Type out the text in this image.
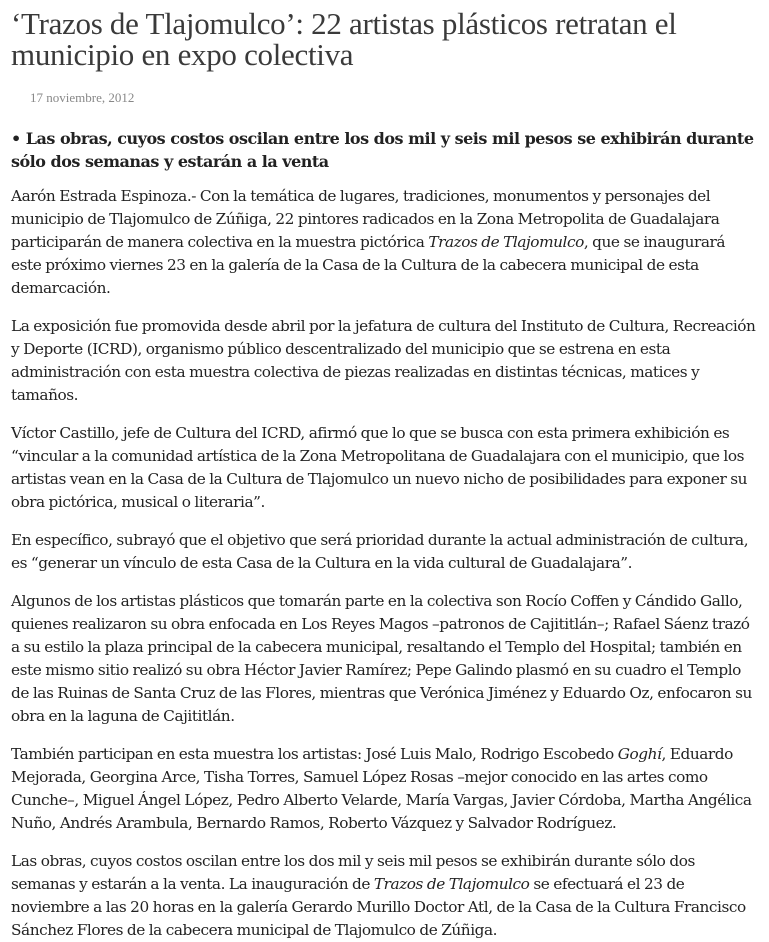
‘Trazos de Tlajomulco’: 22 artistas plásticos retratan el municipio en expo colectiva
17 noviembre, 2012
• Las obras, cuyos costos oscilan entre los dos mil y seis mil pesos se exhibirán durante sólo dos semanas y estarán a la venta

Aarón Estrada Espinoza.- Con la temática de lugares, tradiciones, monumentos y personajes del municipio de Tlajomulco de Zúñiga, 22 pintores radicados en la Zona Metropolita de Guadalajara participarán de manera colectiva en la muestra pictórica Trazos de Tlajomulco, que se inaugurará este próximo viernes 23 en la galería de la Casa de la Cultura de la cabecera municipal de esta demarcación.

La exposición fue promovida desde abril por la jefatura de cultura del Instituto de Cultura, Recreación y Deporte (ICRD), organismo público descentralizado del municipio que se estrena en esta administración con esta muestra colectiva de piezas realizadas en distintas técnicas, matices y tamaños.

Víctor Castillo, jefe de Cultura del ICRD, afirmó que lo que se busca con esta primera exhibición es “vincular a la comunidad artística de la Zona Metropolitana de Guadalajara con el municipio, que los artistas vean en la Casa de la Cultura de Tlajomulco un nuevo nicho de posibilidades para exponer su obra pictórica, musical o literaria”.

En específico, subrayó que el objetivo que será prioridad durante la actual administración de cultura, es “generar un vínculo de esta Casa de la Cultura en la vida cultural de Guadalajara”.

Algunos de los artistas plásticos que tomarán parte en la colectiva son Rocío Coffen y Cándido Gallo, quienes realizaron su obra enfocada en Los Reyes Magos –patronos de Cajititlán–; Rafael Sáenz trazó a su estilo la plaza principal de la cabecera municipal, resaltando el Templo del Hospital; también en este mismo sitio realizó su obra Héctor Javier Ramírez; Pepe Galindo plasmó en su cuadro el Templo de las Ruinas de Santa Cruz de las Flores, mientras que Verónica Jiménez y Eduardo Oz, enfocaron su obra en la laguna de Cajititlán.

También participan en esta muestra los artistas: José Luis Malo, Rodrigo Escobedo Goghí, Eduardo Mejorada, Georgina Arce, Tisha Torres, Samuel López Rosas –mejor conocido en las artes como Cunche–, Miguel Ángel López, Pedro Alberto Velarde, María Vargas, Javier Córdoba, Martha Angélica Nuño, Andrés Arambula, Bernardo Ramos, Roberto Vázquez y Salvador Rodríguez.

Las obras, cuyos costos oscilan entre los dos mil y seis mil pesos se exhibirán durante sólo dos semanas y estarán a la venta. La inauguración de Trazos de Tlajomulco se efectuará el 23 de noviembre a las 20 horas en la galería Gerardo Murillo Doctor Atl, de la Casa de la Cultura Francisco Sánchez Flores de la cabecera municipal de Tlajomulco de Zúñiga.
